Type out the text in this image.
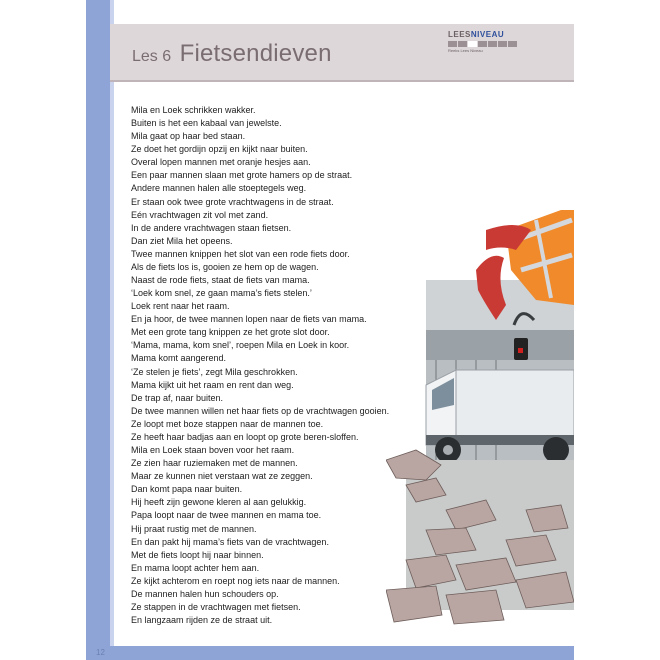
Les 6 Fietsendieven
LEESNIVEAU
Reeks Lees Niveau
1	Mila en Loek schrikken wakker.
2	Buiten is het een kabaal van jewelste.
3	Mila gaat op haar bed staan.
4	Ze doet het gordijn opzij en kijkt naar buiten.
5	Overal lopen mannen met oranje hesjes aan.
6	Een paar mannen slaan met grote hamers op de straat.
7	Andere mannen halen alle stoeptegels weg.
8	Er staan ook twee grote vrachtwagens in de straat.
9	Eén vrachtwagen zit vol met zand.
10	In de andere vrachtwagen staan fietsen.
11	Dan ziet Mila het opeens.
12	Twee mannen knippen het slot van een rode fiets door.
13	Als de fiets los is, gooien ze hem op de wagen.
14	Naast de rode fiets, staat de fiets van mama.
15	‘Loek kom snel, ze gaan mama’s fiets stelen.’
16	Loek rent naar het raam.
17	En ja hoor, de twee mannen lopen naar de fiets van mama.
18	Met een grote tang knippen ze het grote slot door.
19	‘Mama, mama, kom snel’, roepen Mila en Loek in koor.
20	Mama komt aangerend.
21	‘Ze stelen je fiets’, zegt Mila geschrokken.
22	Mama kijkt uit het raam en rent dan weg.
23	De trap af, naar buiten.
24	De twee mannen willen net haar fiets op de vrachtwagen gooien.
25	Ze loopt met boze stappen naar de mannen toe.
26	Ze heeft haar badjas aan en loopt op grote beren-sloffen.
27	Mila en Loek staan boven voor het raam.
28	Ze zien haar ruziemaken met de mannen.
29	Maar ze kunnen niet verstaan wat ze zeggen.
30	Dan komt papa naar buiten.
31	Hij heeft zijn gewone kleren al aan gelukkig.
32	Papa loopt naar de twee mannen en mama toe.
33	Hij praat rustig met de mannen.
34	En dan pakt hij mama’s fiets van de vrachtwagen.
35	Met de fiets loopt hij naar binnen.
36	En mama loopt achter hem aan.
37	Ze kijkt achterom en roept nog iets naar de mannen.
38	De mannen halen hun schouders op.
39	Ze stappen in de vrachtwagen met fietsen.
40	En langzaam rijden ze de straat uit.
12
